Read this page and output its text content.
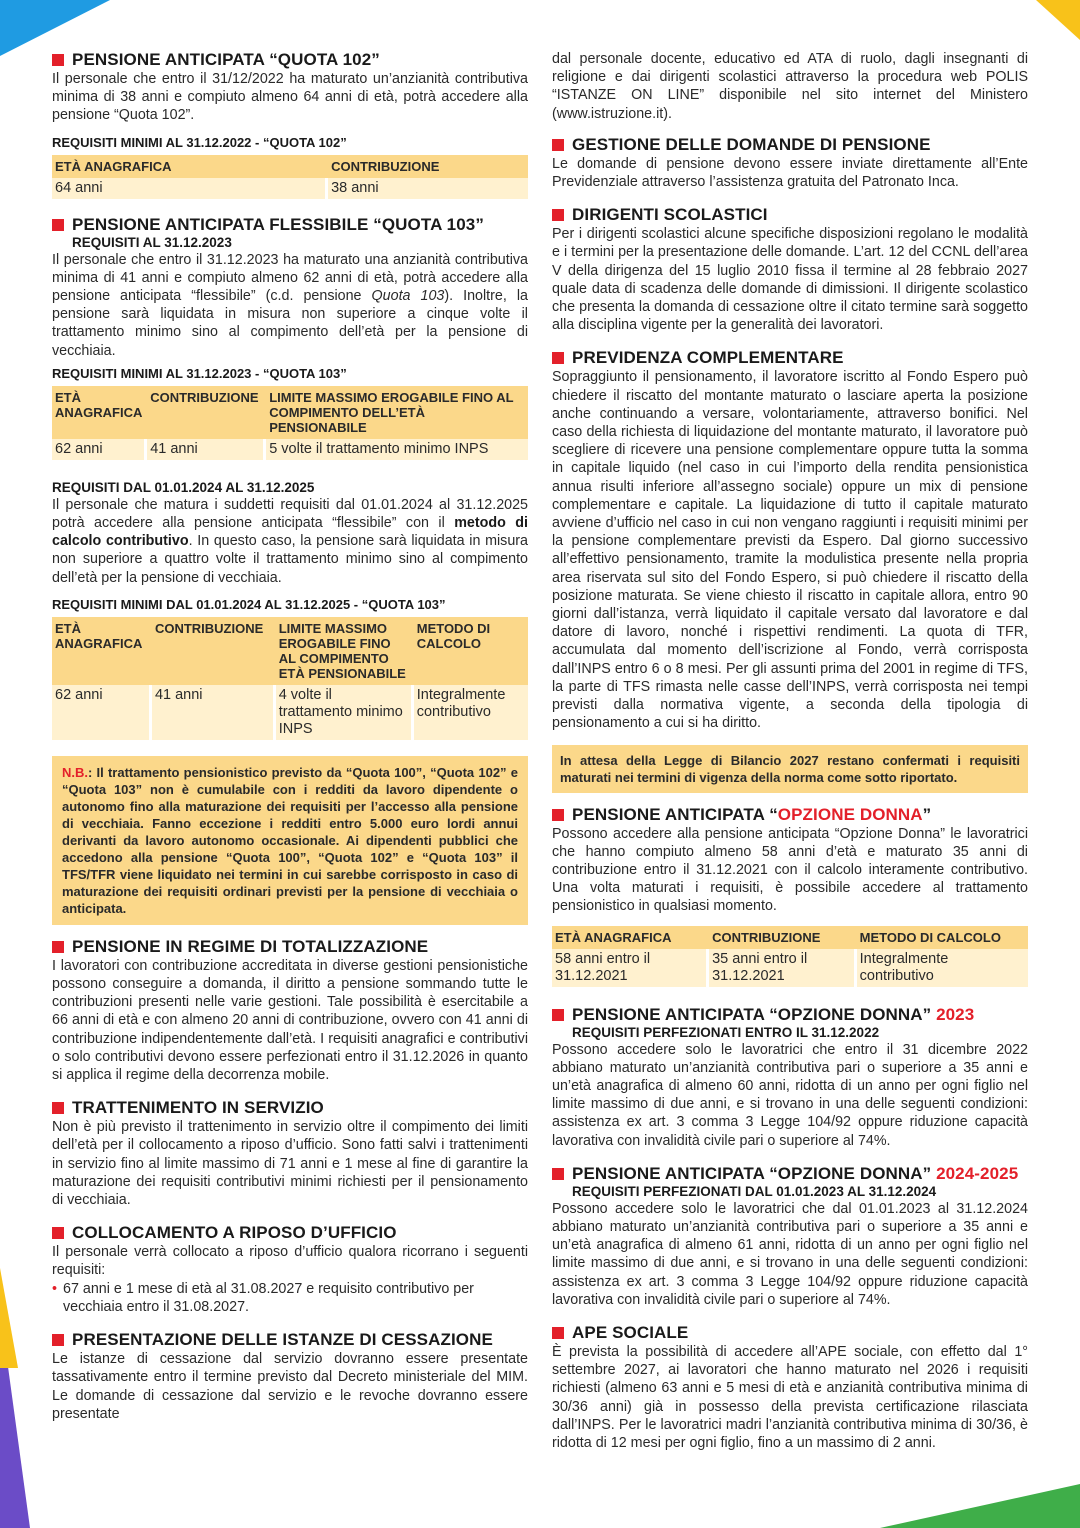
PENSIONE ANTICIPATA “QUOTA 102”

Il personale che entro il 31/12/2022 ha maturato un’anzianità contributiva minima di 38 anni e compiuto almeno 64 anni di età, potrà accedere alla pensione “Quota 102”.

REQUISITI MINIMI AL 31.12.2022 - “QUOTA 102”
ETÀ ANAGRAFICA	CONTRIBUZIONE
64 anni	38 anni
PENSIONE ANTICIPATA FLESSIBILE “QUOTA 103”
REQUISITI AL 31.12.2023

Il personale che entro il 31.12.2023 ha maturato una anzianità contributiva minima di 41 anni e compiuto almeno 62 anni di età, potrà accedere alla pensione anticipata “flessibile” (c.d. pensione Quota 103). Inoltre, la pensione sarà liquidata in misura non superiore a cinque volte il trattamento minimo sino al compimento dell’età per la pensione di vecchiaia.

REQUISITI MINIMI AL 31.12.2023 - “QUOTA 103”
ETÀ ANAGRAFICA	CONTRIBUZIONE	LIMITE MASSIMO EROGABILE FINO AL COMPIMENTO DELL’ETÀ PENSIONABILE
62 anni	41 anni	5 volte il trattamento minimo INPS
REQUISITI DAL 01.01.2024 AL 31.12.2025

Il personale che matura i suddetti requisiti dal 01.01.2024 al 31.12.2025 potrà accedere alla pensione anticipata “flessibile” con il metodo di calcolo contributivo. In questo caso, la pensione sarà liquidata in misura non superiore a quattro volte il trattamento minimo sino al compimento dell’età per la pensione di vecchiaia.

REQUISITI MINIMI DAL 01.01.2024 AL 31.12.2025 - “QUOTA 103”
ETÀ ANAGRAFICA	CONTRIBUZIONE	LIMITE MASSIMO EROGABILE FINO AL COMPIMENTO ETÀ PENSIONABILE	METODO DI CALCOLO
62 anni	41 anni	4 volte il trattamento minimo INPS	Integralmente contributivo
N.B.: Il trattamento pensionistico previsto da “Quota 100”, “Quota 102” e “Quota 103” non è cumulabile con i redditi da lavoro dipendente o autonomo fino alla maturazione dei requisiti per l’accesso alla pensione di vecchiaia. Fanno eccezione i redditi entro 5.000 euro lordi annui derivanti da lavoro autonomo occasionale. Ai dipendenti pubblici che accedono alla pensione “Quota 100”, “Quota 102” e “Quota 103” il TFS/TFR viene liquidato nei termini in cui sarebbe corrisposto in caso di maturazione dei requisiti ordinari previsti per la pensione di vecchiaia o anticipata.
PENSIONE IN REGIME DI TOTALIZZAZIONE

I lavoratori con contribuzione accreditata in diverse gestioni pensionistiche possono conseguire a domanda, il diritto a pensione sommando tutte le contribuzioni presenti nelle varie gestioni. Tale possibilità è esercitabile a 66 anni di età e con almeno 20 anni di contribuzione, ovvero con 41 anni di contribuzione indipendentemente dall’età. I requisiti anagrafici e contributivi o solo contributivi devono essere perfezionati entro il 31.12.2026 in quanto si applica il regime della decorrenza mobile.

TRATTENIMENTO IN SERVIZIO

Non è più previsto il trattenimento in servizio oltre il compimento dei limiti dell’età per il collocamento a riposo d’ufficio. Sono fatti salvi i trattenimenti in servizio fino al limite massimo di 71 anni e 1 mese al fine di garantire la maturazione dei requisiti contributivi minimi richiesti per il pensionamento di vecchiaia.

COLLOCAMENTO A RIPOSO D’UFFICIO

Il personale verrà collocato a riposo d’ufficio qualora ricorrano i seguenti requisiti:

• 67 anni e 1 mese di età al 31.08.2027 e requisito contributivo per vecchiaia entro il 31.08.2027.
PRESENTAZIONE DELLE ISTANZE DI CESSAZIONE

Le istanze di cessazione dal servizio dovranno essere presentate tassativamente entro il termine previsto dal Decreto ministeriale del MIM. Le domande di cessazione dal servizio e le revoche dovranno essere presentate

dal personale docente, educativo ed ATA di ruolo, dagli insegnanti di religione e dai dirigenti scolastici attraverso la procedura web POLIS “ISTANZE ON LINE” disponibile nel sito internet del Ministero (www.istruzione.it).

GESTIONE DELLE DOMANDE DI PENSIONE

Le domande di pensione devono essere inviate direttamente all’Ente Previdenziale attraverso l’assistenza gratuita del Patronato Inca.

DIRIGENTI SCOLASTICI

Per i dirigenti scolastici alcune specifiche disposizioni regolano le modalità e i termini per la presentazione delle domande. L’art. 12 del CCNL dell’area V della dirigenza del 15 luglio 2010 fissa il termine al 28 febbraio 2027 quale data di scadenza delle domande di dimissioni. Il dirigente scolastico che presenta la domanda di cessazione oltre il citato termine sarà soggetto alla disciplina vigente per la generalità dei lavoratori.

PREVIDENZA COMPLEMENTARE

Sopraggiunto il pensionamento, il lavoratore iscritto al Fondo Espero può chiedere il riscatto del montante maturato o lasciare aperta la posizione anche continuando a versare, volontariamente, attraverso bonifici. Nel caso della richiesta di liquidazione del montante maturato, il lavoratore può scegliere di ricevere una pensione complementare oppure tutta la somma in capitale liquido (nel caso in cui l’importo della rendita pensionistica annua risulti inferiore all’assegno sociale) oppure un mix di pensione complementare e capitale. La liquidazione di tutto il capitale maturato avviene d’ufficio nel caso in cui non vengano raggiunti i requisiti minimi per la pensione complementare previsti da Espero. Dal giorno successivo all’effettivo pensionamento, tramite la modulistica presente nella propria area riservata sul sito del Fondo Espero, si può chiedere il riscatto della posizione maturata. Se viene chiesto il riscatto in capitale allora, entro 90 giorni dall’istanza, verrà liquidato il capitale versato dal lavoratore e dal datore di lavoro, nonché i rispettivi rendimenti. La quota di TFR, accumulata dal momento dell’iscrizione al Fondo, verrà corrisposta dall’INPS entro 6 o 8 mesi. Per gli assunti prima del 2001 in regime di TFS, la parte di TFS rimasta nelle casse dell’INPS, verrà corrisposta nei tempi previsti dalla normativa vigente, a seconda della tipologia di pensionamento a cui si ha diritto.

In attesa della Legge di Bilancio 2027 restano confermati i requisiti maturati nei termini di vigenza della norma come sotto riportato.
PENSIONE ANTICIPATA “OPZIONE DONNA”

Possono accedere alla pensione anticipata “Opzione Donna” le lavoratrici che hanno compiuto almeno 58 anni d’età e maturato 35 anni di contribuzione entro il 31.12.2021 con il calcolo interamente contributivo. Una volta maturati i requisiti, è possibile accedere al trattamento pensionistico in qualsiasi momento.

ETÀ ANAGRAFICA	CONTRIBUZIONE	METODO DI CALCOLO
58 anni entro il 31.12.2021	35 anni entro il 31.12.2021	Integralmente contributivo
PENSIONE ANTICIPATA “OPZIONE DONNA” 2023
REQUISITI PERFEZIONATI ENTRO IL 31.12.2022

Possono accedere solo le lavoratrici che entro il 31 dicembre 2022 abbiano maturato un’anzianità contributiva pari o superiore a 35 anni e un’età anagrafica di almeno 60 anni, ridotta di un anno per ogni figlio nel limite massimo di due anni, e si trovano in una delle seguenti condizioni: assistenza ex art. 3 comma 3 Legge 104/92 oppure riduzione capacità lavorativa con invalidità civile pari o superiore al 74%.

PENSIONE ANTICIPATA “OPZIONE DONNA” 2024-2025
REQUISITI PERFEZIONATI DAL 01.01.2023 AL 31.12.2024

Possono accedere solo le lavoratrici che dal 01.01.2023 al 31.12.2024 abbiano maturato un’anzianità contributiva pari o superiore a 35 anni e un’età anagrafica di almeno 61 anni, ridotta di un anno per ogni figlio nel limite massimo di due anni, e si trovano in una delle seguenti condizioni: assistenza ex art. 3 comma 3 Legge 104/92 oppure riduzione capacità lavorativa con invalidità civile pari o superiore al 74%.

APE SOCIALE

È prevista la possibilità di accedere all’APE sociale, con effetto dal 1° settembre 2027, ai lavoratori che hanno maturato nel 2026 i requisiti richiesti (almeno 63 anni e 5 mesi di età e anzianità contributiva minima di 30/36 anni) già in possesso della prevista certificazione rilasciata dall’INPS. Per le lavoratrici madri l’anzianità contributiva minima di 30/36, è ridotta di 12 mesi per ogni figlio, fino a un massimo di 2 anni.
